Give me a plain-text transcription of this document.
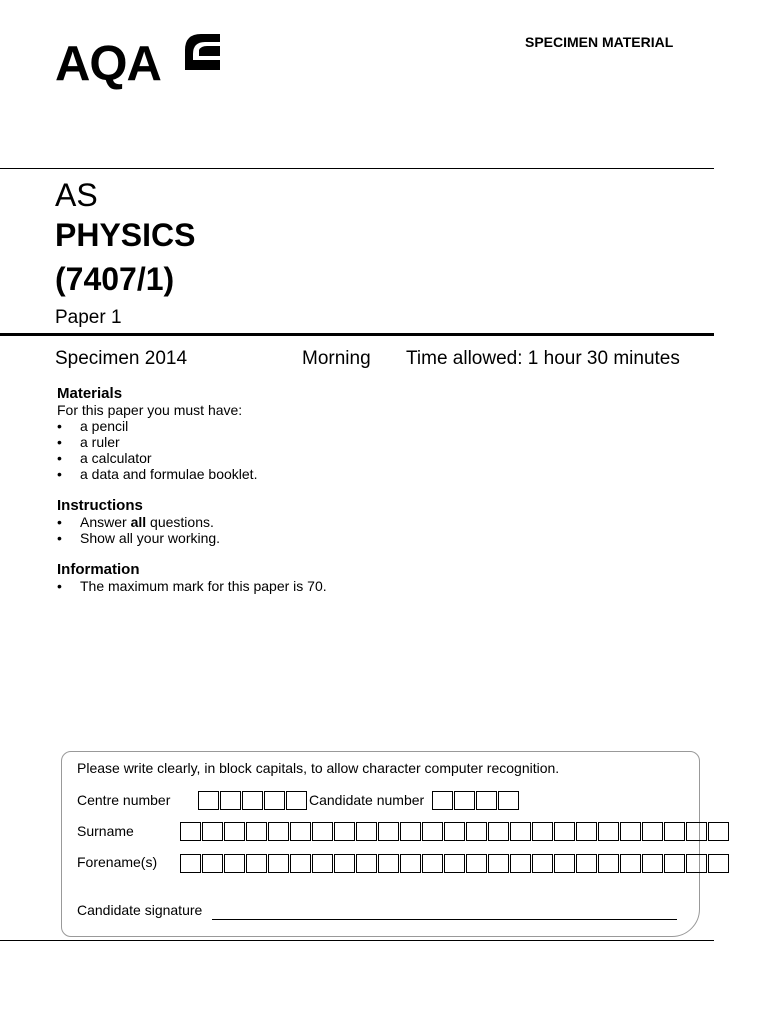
AQA	SPECIMEN MATERIAL
AS
PHYSICS
(7407/1)
Paper 1
Specimen 2014	Morning Time allowed: 1 hour 30 minutes
Materials
For this paper you must have:
• a pencil
• a ruler
• a calculator
• a data and formulae booklet.
Instructions
• Answer all questions.
• Show all your working.
Information
• The maximum mark for this paper is 70.
Please write clearly, in block capitals, to allow character computer recognition.
Centre number	Candidate number
Surname
Forename(s)
Candidate signature
